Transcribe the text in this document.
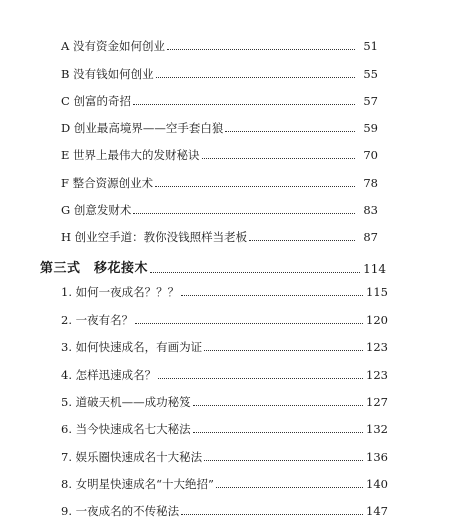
A 没有资金如何创业	51
B 没有钱如何创业	55
C 创富的奇招	57
D 创业最高境界——空手套白狼	59
E 世界上最伟大的发财秘诀	70
F 整合资源创业术	78
G 创意发财术	83
H 创业空手道：教你没钱照样当老板	87
第三式　移花接木	114
1. 如何一夜成名？？？	115
2. 一夜有名？	120
3. 如何快速成名，有画为证	123
4. 怎样迅速成名？	123
5. 道破天机——成功秘笈	127
6. 当今快速成名七大秘法	132
7. 娱乐圈快速成名十大秘法	136
8. 女明星快速成名“十大绝招”	140
9. 一夜成名的不传秘法	147
